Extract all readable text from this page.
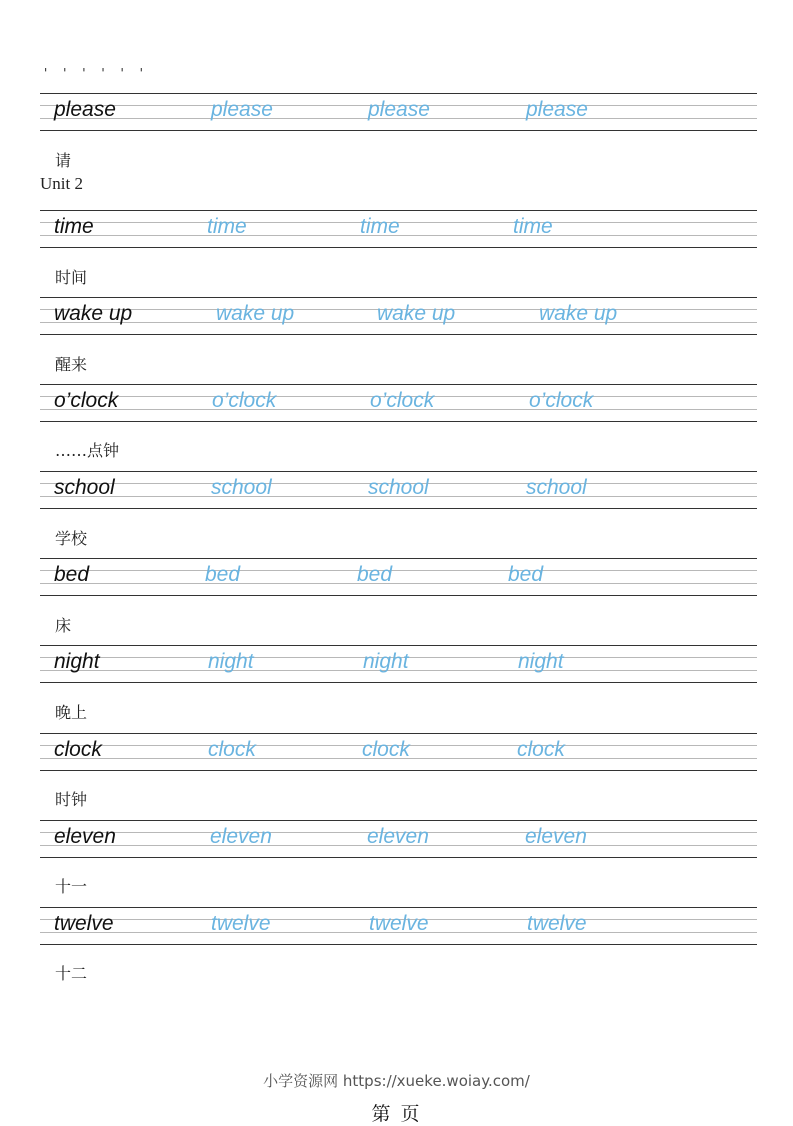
' ' ' ' ' '
please	please	please	please
请
Unit 2
time	time	time	time
时间
wake up	wake up	wake up	wake up
醒来
o’clock	o’clock	o’clock	o’clock
……点钟
school	school	school	school
学校
bed	bed	bed	bed
床
night	night	night	night
晚上
clock	clock	clock	clock
时钟
eleven	eleven	eleven	eleven
十一
twelve	twelve	twelve	twelve
十二
小学资源网 https://xueke.woiay.com/
第 页
